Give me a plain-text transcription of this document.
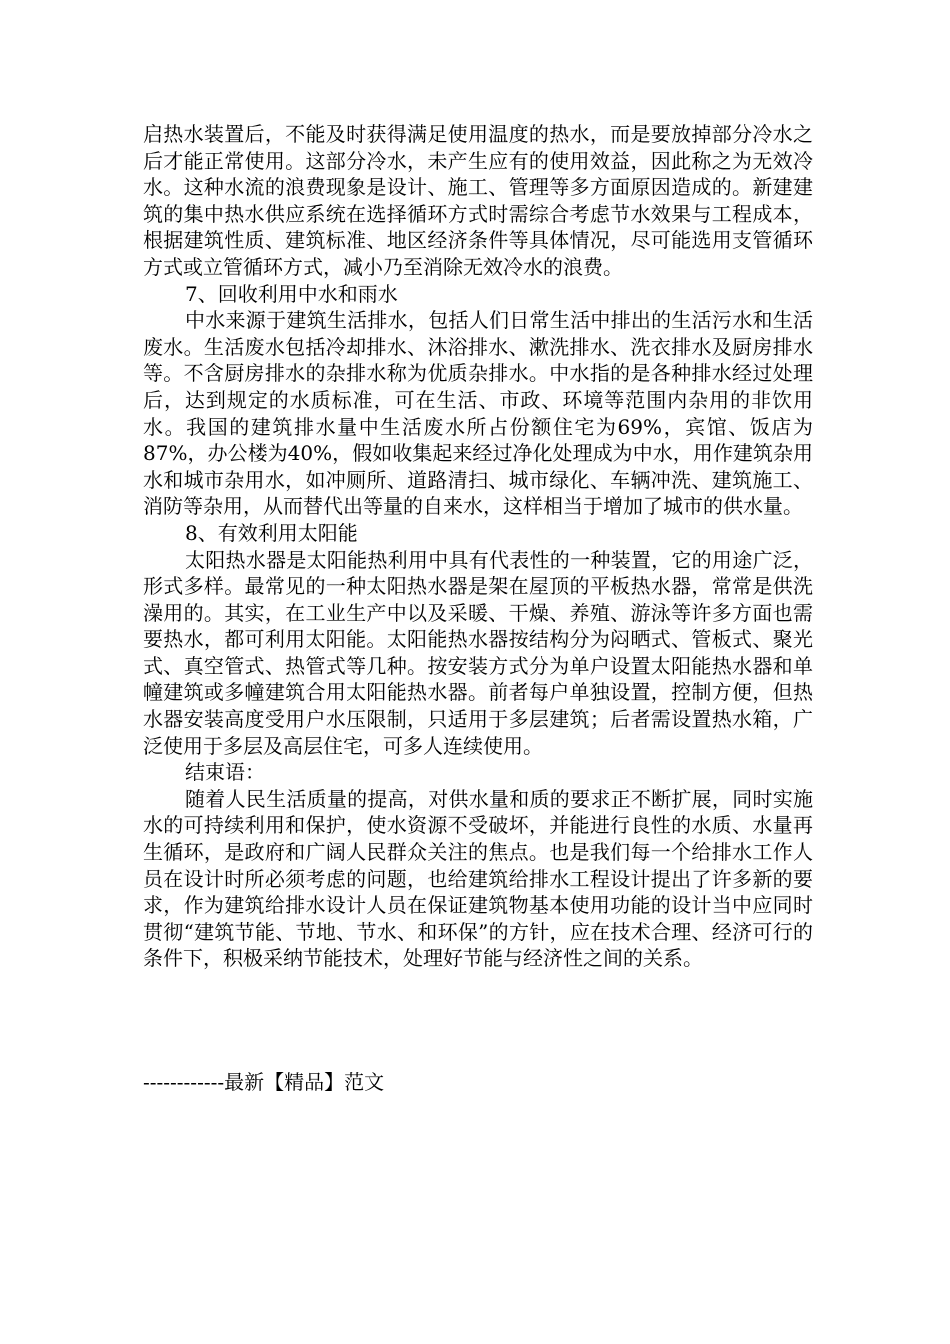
启热水装置后，不能及时获得满足使用温度的热水，而是要放掉部分冷水之后才能正常使用。这部分冷水，未产生应有的使用效益，因此称之为无效冷水。这种水流的浪费现象是设计、施工、管理等多方面原因造成的。新建建筑的集中热水供应系统在选择循环方式时需综合考虑节水效果与工程成本，根据建筑性质、建筑标准、地区经济条件等具体情况，尽可能选用支管循环方式或立管循环方式，减小乃至消除无效冷水的浪费。

7、回收利用中水和雨水

中水来源于建筑生活排水，包括人们日常生活中排出的生活污水和生活废水。生活废水包括冷却排水、沐浴排水、漱洗排水、洗衣排水及厨房排水等。不含厨房排水的杂排水称为优质杂排水。中水指的是各种排水经过处理后，达到规定的水质标准，可在生活、市政、环境等范围内杂用的非饮用水。我国的建筑排水量中生活废水所占份额住宅为69%，宾馆、饭店为87%，办公楼为40%，假如收集起来经过净化处理成为中水，用作建筑杂用水和城市杂用水，如冲厕所、道路清扫、城市绿化、车辆冲洗、建筑施工、消防等杂用，从而替代出等量的自来水，这样相当于增加了城市的供水量。

8、有效利用太阳能

太阳热水器是太阳能热利用中具有代表性的一种装置，它的用途广泛，形式多样。最常见的一种太阳热水器是架在屋顶的平板热水器，常常是供洗澡用的。其实，在工业生产中以及采暖、干燥、养殖、游泳等许多方面也需要热水，都可利用太阳能。太阳能热水器按结构分为闷晒式、管板式、聚光式、真空管式、热管式等几种。按安装方式分为单户设置太阳能热水器和单幢建筑或多幢建筑合用太阳能热水器。前者每户单独设置，控制方便，但热水器安装高度受用户水压限制，只适用于多层建筑；后者需设置热水箱，广泛使用于多层及高层住宅，可多人连续使用。

结束语：

随着人民生活质量的提高，对供水量和质的要求正不断扩展，同时实施水的可持续利用和保护，使水资源不受破坏，并能进行良性的水质、水量再生循环，是政府和广阔人民群众关注的焦点。也是我们每一个给排水工作人员在设计时所必须考虑的问题，也给建筑给排水工程设计提出了许多新的要求，作为建筑给排水设计人员在保证建筑物基本使用功能的设计当中应同时贯彻“建筑节能、节地、节水、和环保”的方针，应在技术合理、经济可行的条件下，积极采纳节能技术，处理好节能与经济性之间的关系。

------------最新【精品】范文
